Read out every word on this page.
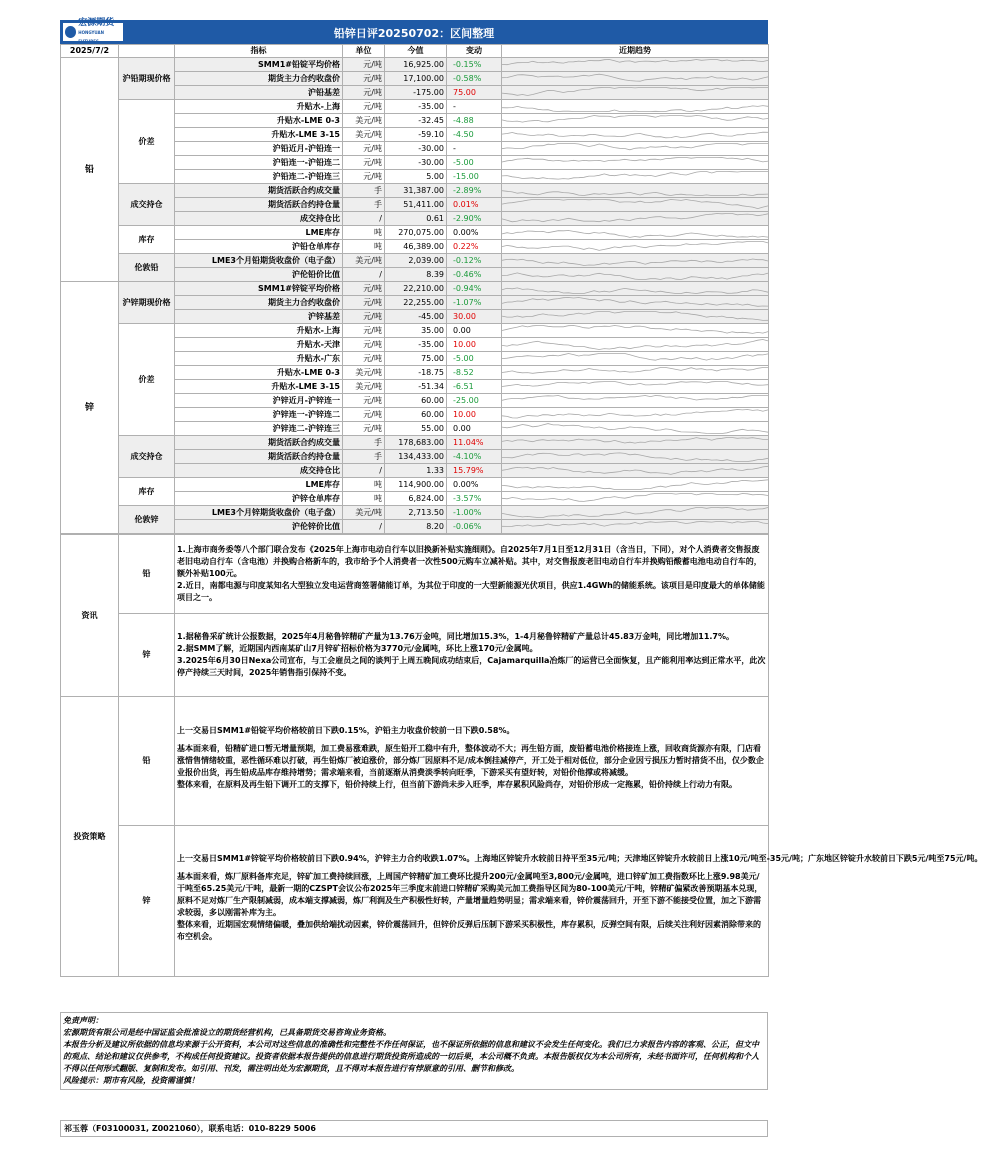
宏源期货
HONGYUAN FUTURES
铅锌日评20250702：区间整理
2025/7/2		指标	单位	今值	变动	近期趋势
铅	沪铅期现价格	SMM1#铅锭平均价格	元/吨	16,925.00	-0.15%	

		期货主力合约收盘价	元/吨	17,100.00	-0.58%	

		沪铅基差	元/吨	-175.00	75.00	

	价差	升贴水-上海	元/吨	-35.00	-	

		升贴水-LME 0-3	美元/吨	-32.45	-4.88	

		升贴水-LME 3-15	美元/吨	-59.10	-4.50	

		沪铅近月-沪铅连一	元/吨	-30.00	-	

		沪铅连一-沪铅连二	元/吨	-30.00	-5.00	

		沪铅连二-沪铅连三	元/吨	5.00	-15.00	

	成交持仓	期货活跃合约成交量	手	31,387.00	-2.89%	

		期货活跃合约持仓量	手	51,411.00	0.01%	

		成交持仓比	/	0.61	-2.90%	

	库存	LME库存	吨	270,075.00	0.00%	

		沪铅仓单库存	吨	46,389.00	0.22%	

	伦敦铅	LME3个月铅期货收盘价（电子盘）	美元/吨	2,039.00	-0.12%	

		沪伦铅价比值	/	8.39	-0.46%	

锌	沪锌期现价格	SMM1#锌锭平均价格	元/吨	22,210.00	-0.94%	

		期货主力合约收盘价	元/吨	22,255.00	-1.07%	

		沪锌基差	元/吨	-45.00	30.00	

	价差	升贴水-上海	元/吨	35.00	0.00	

		升贴水-天津	元/吨	-35.00	10.00	

		升贴水-广东	元/吨	75.00	-5.00	

		升贴水-LME 0-3	美元/吨	-18.75	-8.52	

		升贴水-LME 3-15	美元/吨	-51.34	-6.51	

		沪锌近月-沪锌连一	元/吨	60.00	-25.00	

		沪锌连一-沪锌连二	元/吨	60.00	10.00	

		沪锌连二-沪锌连三	元/吨	55.00	0.00	

	成交持仓	期货活跃合约成交量	手	178,683.00	11.04%	

		期货活跃合约持仓量	手	134,433.00	-4.10%	

		成交持仓比	/	1.33	15.79%	

	库存	LME库存	吨	114,900.00	0.00%	

		沪锌仓单库存	吨	6,824.00	-3.57%	

	伦敦锌	LME3个月锌期货收盘价（电子盘）	美元/吨	2,713.50	-1.00%	

		沪伦锌价比值	/	8.20	-0.06%	
资讯	铅	1.上海市商务委等八个部门联合发布《2025年上海市电动自行车以旧换新补贴实施细则》。自2025年7月1日至12月31日（含当日，下同），对个人消费者交售报废老旧电动自行车（含电池）并换购合格新车的，我市给予个人消费者一次性500元购车立减补贴。其中，对交售报废老旧电动自行车并换购铅酸蓄电池电动自行车的，额外补贴100元。
2.近日，南都电源与印度某知名大型独立发电运营商签署储能订单，为其位于印度的一大型新能源光伏项目，供应1.4GWh的储能系统。该项目是印度最大的单体储能项目之一。
	锌	1.据秘鲁采矿统计公报数据，2025年4月秘鲁锌精矿产量为13.76万金吨，同比增加15.3%，1-4月秘鲁锌精矿产量总计45.83万金吨，同比增加11.7%。
2.据SMM了解，近期国内西南某矿山7月锌矿招标价格为3770元/金属吨，环比上涨170元/金属吨。
3.2025年6月30日Nexa公司宣布，与工会雇员之间的谈判于上周五晚间成功结束后，Cajamarquilla冶炼厂的运营已全面恢复，且产能利用率达到正常水平，此次停产持续三天时间，2025年销售指引保持不变。
投资策略	铅	上一交易日SMM1#铅锭平均价格较前日下跌0.15%，沪铅主力收盘价较前一日下跌0.58%。

基本面来看，铅精矿进口暂无增量预期，加工费易涨难跌，原生铅开工稳中有升，整体波动不大；再生铅方面，废铅蓄电池价格接连上涨，回收商货源亦有限，门店看涨惜售情绪较重，恶性循环难以打破，再生铅炼厂被迫涨价，部分炼厂因原料不足/成本倒挂减停产，开工处于相对低位，部分企业因亏损压力暂时措货不出，仅少数企业报价出货，再生铅成品库存维持增势；需求端来看，当前逐渐从消费淡季转向旺季，下游采买有望好转，对铅价他撑或将减缓。
整体来看，在原料及再生铅下调开工的支撑下，铅价持续上行，但当前下游尚未步入旺季，库存累积风险尚存，对铅价形成一定拖累，铅价持续上行动力有限。

	锌	上一交易日SMM1#锌锭平均价格较前日下跌0.94%，沪锌主力合约收跌1.07%。上海地区锌锭升水较前日持平至35元/吨；天津地区锌锭升水较前日上涨10元/吨至-35元/吨；广东地区锌锭升水较前日下跌5元/吨至75元/吨。

基本面来看，炼厂原料备库充足，锌矿加工费持续回涨，上周国产锌精矿加工费环比提升200元/金属吨至3,800元/金属吨，进口锌矿加工费指数环比上涨9.98美元/干吨至65.25美元/干吨，最新一期的CZSPT会议公布2025年三季度末前进口锌精矿采购美元加工费指导区间为80-100美元/干吨，锌精矿偏紧改善预期基本兑现，原料不足对炼厂生产限制减弱，成本端支撑减弱，炼厂利润及生产积极性好转，产量增量趋势明显；需求端来看，锌价震荡回升，开至下游不能接受位置，加之下游需求较弱，多以刚需补库为主。
整体来看，近期国宏观情绪偏暖，叠加供给端扰动因素，锌价震荡回升，但锌价反弹后压制下游采买积极性，库存累积，反弹空间有限，后续关注利好因素消除带来的布空机会。

免责声明：
宏源期货有限公司是经中国证监会批准设立的期货经营机构，已具备期货交易咨询业务资格。
本报告分析及建议所依据的信息均来源于公开资料，本公司对这些信息的准确性和完整性不作任何保证，也不保证所依据的信息和建议不会发生任何变化。我们已力求报告内容的客观、公正，但文中的观点、结论和建议仅供参考，不构成任何投资建议。投资者依据本报告提供的信息进行期货投资所造成的一切后果，本公司概不负责。本报告版权仅为本公司所有，未经书面许可，任何机构和个人不得以任何形式翻版、复制和发布。如引用、刊发，需注明出处为宏源期货，且不得对本报告进行有悖原意的引用、删节和修改。
风险提示：期市有风险，投资需谨慎！
祁玉蓉（F03100031, Z0021060），联系电话：010-8229 5006
